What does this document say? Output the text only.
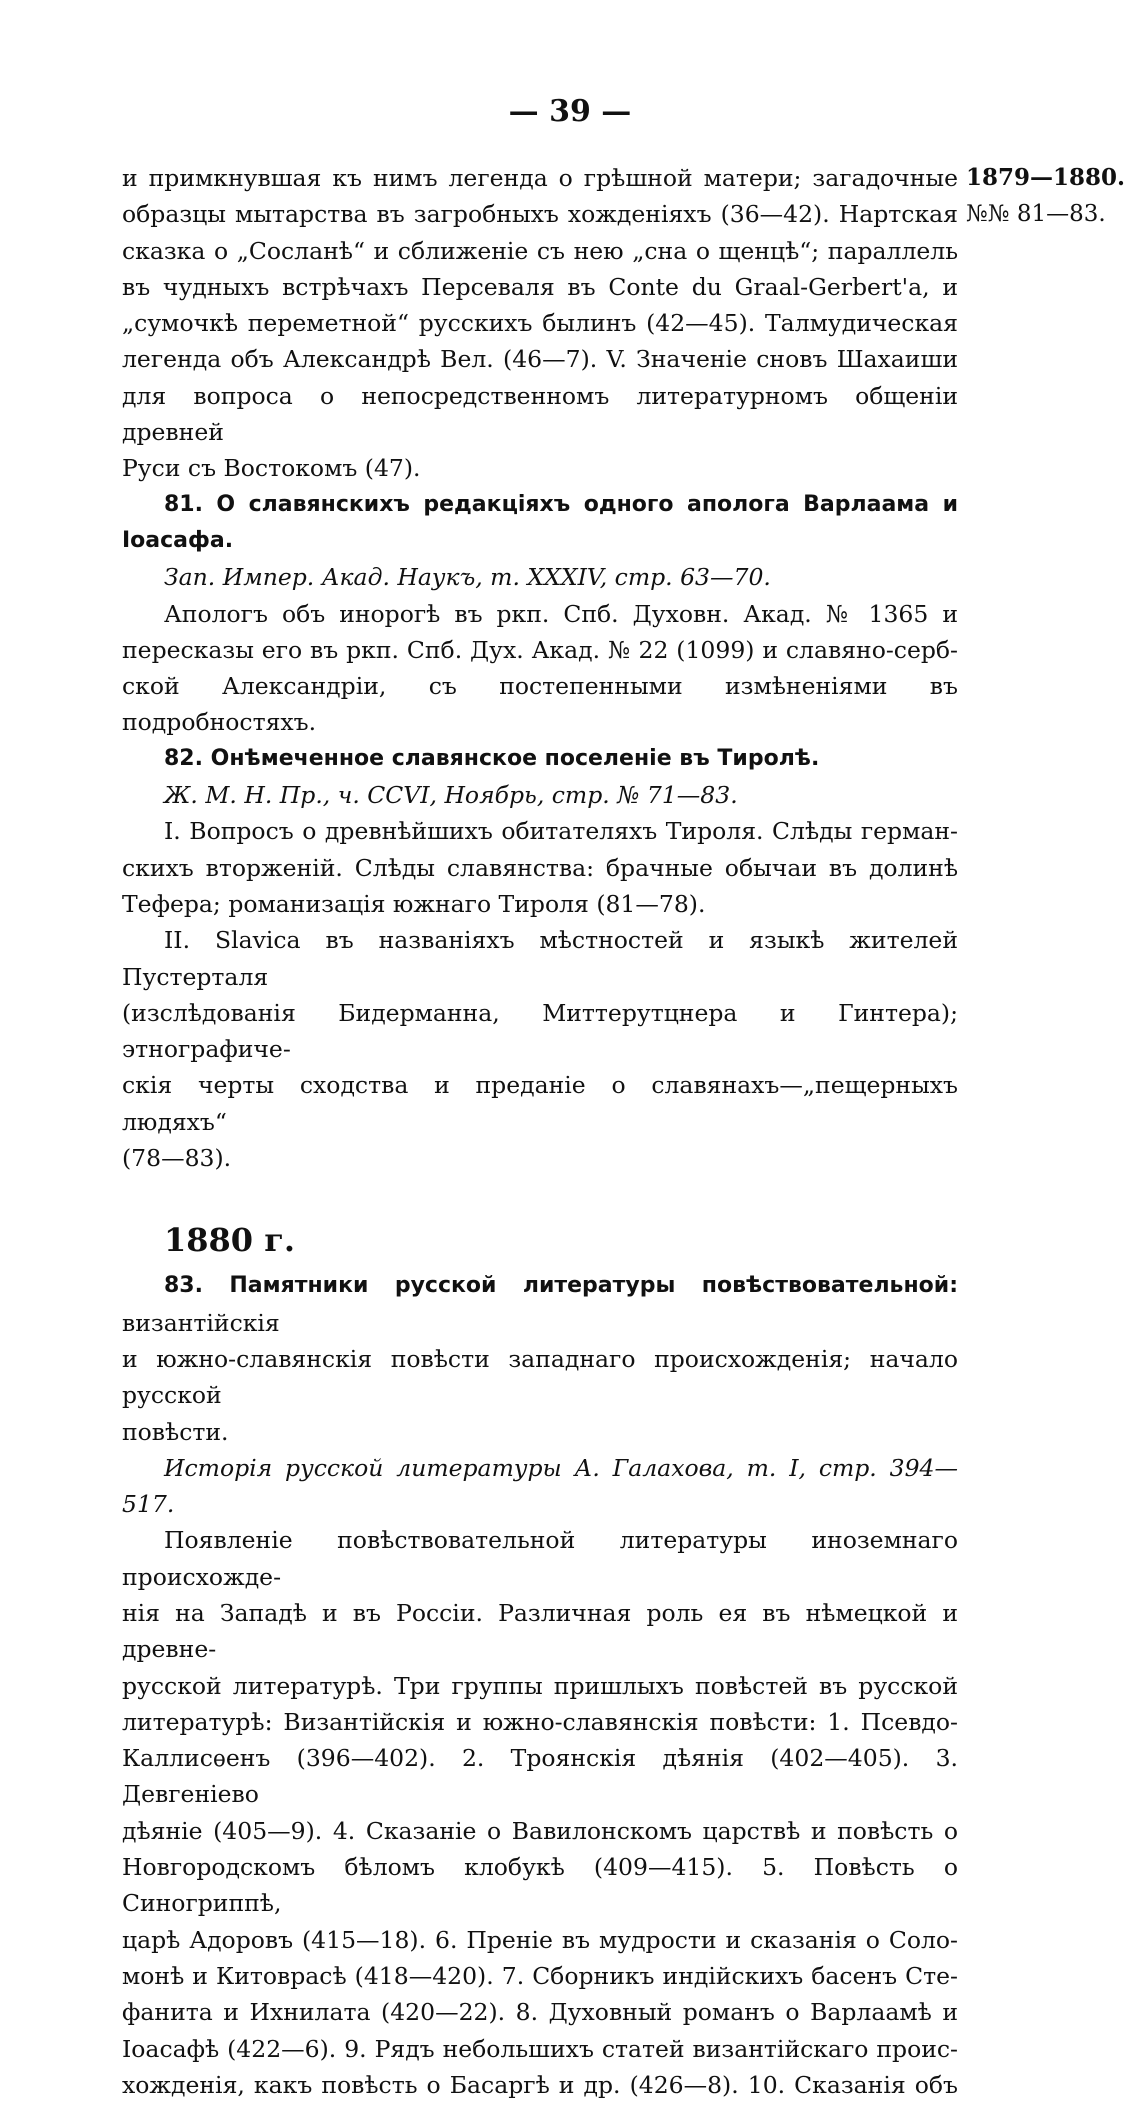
— 39 —
1879—1880.
№№ 81—83.

и примкнувшая къ нимъ легенда о грѣшной матери; загадочные

образцы мытарства въ загробныхъ хожденіяхъ (36—42). Нартская

сказка о „Сосланѣ“ и сближеніе съ нею „сна о щенцѣ“; параллель

въ чудныхъ встрѣчахъ Персеваля въ Conte du Graal-Gerbert'а, и

„сумочкѣ переметной“ русскихъ былинъ (42—45). Талмудическая

легенда объ Александрѣ Вел. (46—7). V. Значеніе сновъ Шахаиши

для вопроса о непосредственномъ литературномъ общеніи древней

Руси съ Востокомъ (47).

81. О славянскихъ редакціяхъ одного аполога Варлаама и Іоасафа.

Зап. Импер. Акад. Наукъ, т. XXXIV, стр. 63—70.

Апологъ объ инорогѣ въ ркп. Спб. Духовн. Акад. № 1365 и

пересказы его въ ркп. Спб. Дух. Акад. № 22 (1099) и славяно-серб-

ской Александріи, съ постепенными измѣненіями въ подробностяхъ.

82. Онѣмеченное славянское поселеніе въ Тиролѣ.

Ж. М. Н. Пр., ч. CCVI, Ноябрь, стр. № 71—83.

I. Вопросъ о древнѣйшихъ обитателяхъ Тироля. Слѣды герман-

скихъ вторженій. Слѣды славянства: брачные обычаи въ долинѣ

Тефера; романизація южнаго Тироля (81—78).

II. Slavica въ названіяхъ мѣстностей и языкѣ жителей Пустерталя

(изслѣдованія Бидерманна, Миттерутцнера и Гинтера); этнографиче-

скія черты сходства и преданіе о славянахъ—„пещерныхъ людяхъ“

(78—83).

1880 г.

83. Памятники русской литературы повѣствовательной: византійскія

и южно-славянскія повѣсти западнаго происхожденія; начало русской

повѣсти.

Исторія русской литературы А. Галахова, т. I, стр. 394—517.

Появленіе повѣствовательной литературы иноземнаго происхожде-

нія на Западѣ и въ Россіи. Различная роль ея въ нѣмецкой и древне-

русской литературѣ. Три группы пришлыхъ повѣстей въ русской

литературѣ: Византійскія и южно-славянскія повѣсти: 1. Псевдо-

Каллисѳенъ (396—402). 2. Троянскія дѣянія (402—405). 3. Девгеніево

дѣяніе (405—9). 4. Сказаніе о Вавилонскомъ царствѣ и повѣсть о

Новгородскомъ бѣломъ клобукѣ (409—415). 5. Повѣсть о Синогриппѣ,

царѣ Адоровъ (415—18). 6. Преніе въ мудрости и сказанія о Соло-

монѣ и Китоврасѣ (418—420). 7. Сборникъ индійскихъ басенъ Сте-

фанита и Ихнилата (420—22). 8. Духовный романъ о Варлаамѣ и

Іоасафѣ (422—6). 9. Рядъ небольшихъ статей византійскаго проис-

хожденія, какъ повѣсть о Басаргѣ и др. (426—8). 10. Сказанія объ
